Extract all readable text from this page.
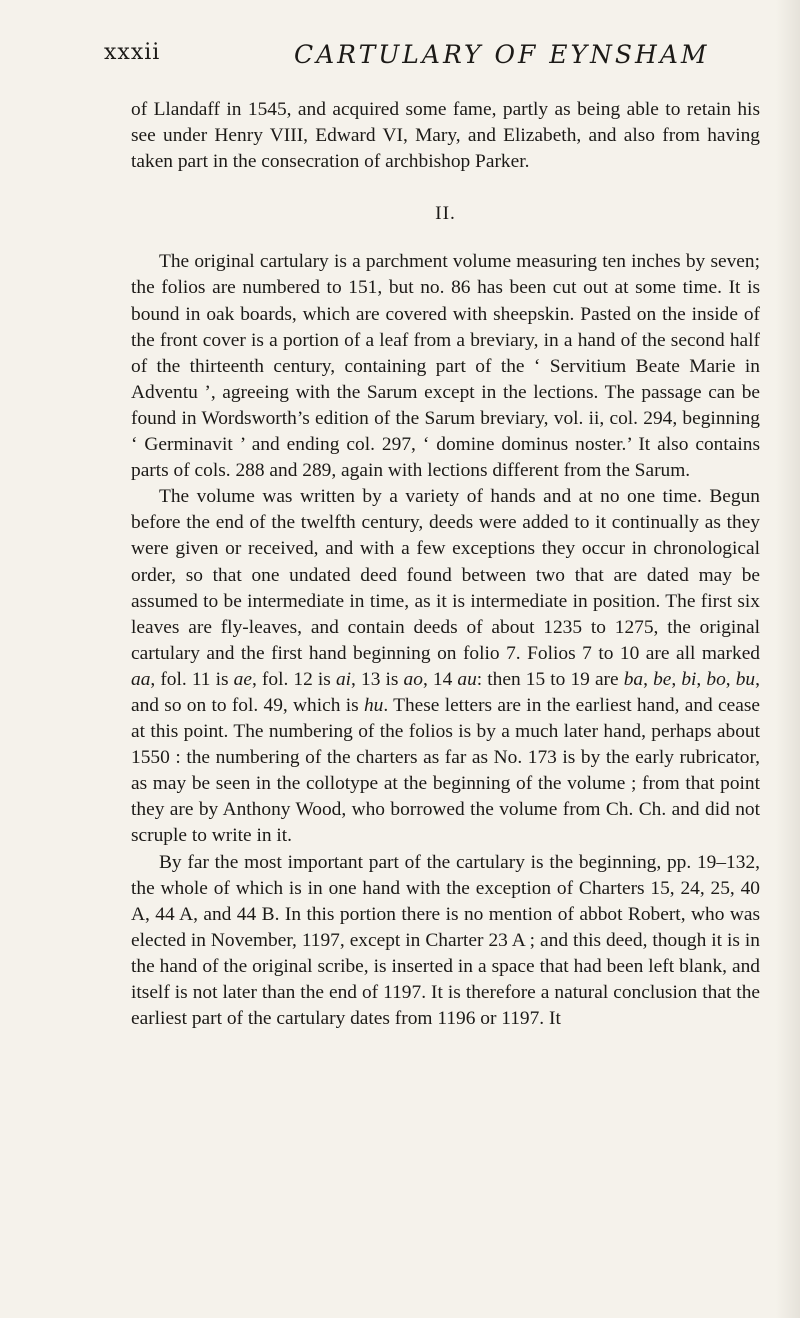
xxxii	CARTULARY OF EYNSHAM

of Llandaff in 1545, and acquired some fame, partly as being able to retain his see under Henry VIII, Edward VI, Mary, and Elizabeth, and also from having taken part in the consecration of archbishop Parker.

II.

The original cartulary is a parchment volume measuring ten inches by seven; the folios are numbered to 151, but no. 86 has been cut out at some time. It is bound in oak boards, which are covered with sheepskin. Pasted on the inside of the front cover is a portion of a leaf from a breviary, in a hand of the second half of the thirteenth century, containing part of the ‘ Servitium Beate Marie in Adventu ’, agreeing with the Sarum except in the lections. The passage can be found in Wordsworth’s edition of the Sarum breviary, vol. ii, col. 294, beginning ‘ Germinavit ’ and ending col. 297, ‘ domine dominus noster.’ It also contains parts of cols. 288 and 289, again with lections different from the Sarum.

The volume was written by a variety of hands and at no one time. Begun before the end of the twelfth century, deeds were added to it continually as they were given or received, and with a few exceptions they occur in chronological order, so that one undated deed found between two that are dated may be assumed to be intermediate in time, as it is intermediate in position. The first six leaves are fly-leaves, and contain deeds of about 1235 to 1275, the original cartulary and the first hand beginning on folio 7. Folios 7 to 10 are all marked aa, fol. 11 is ae, fol. 12 is ai, 13 is ao, 14 au: then 15 to 19 are ba, be, bi, bo, bu, and so on to fol. 49, which is hu. These letters are in the earliest hand, and cease at this point. The numbering of the folios is by a much later hand, perhaps about 1550 : the numbering of the charters as far as No. 173 is by the early rubricator, as may be seen in the collotype at the beginning of the volume ; from that point they are by Anthony Wood, who borrowed the volume from Ch. Ch. and did not scruple to write in it.

By far the most important part of the cartulary is the beginning, pp. 19–132, the whole of which is in one hand with the exception of Charters 15, 24, 25, 40 A, 44 A, and 44 B. In this portion there is no mention of abbot Robert, who was elected in November, 1197, except in Charter 23 A ; and this deed, though it is in the hand of the original scribe, is inserted in a space that had been left blank, and itself is not later than the end of 1197. It is therefore a natural conclusion that the earliest part of the cartulary dates from 1196 or 1197. It
